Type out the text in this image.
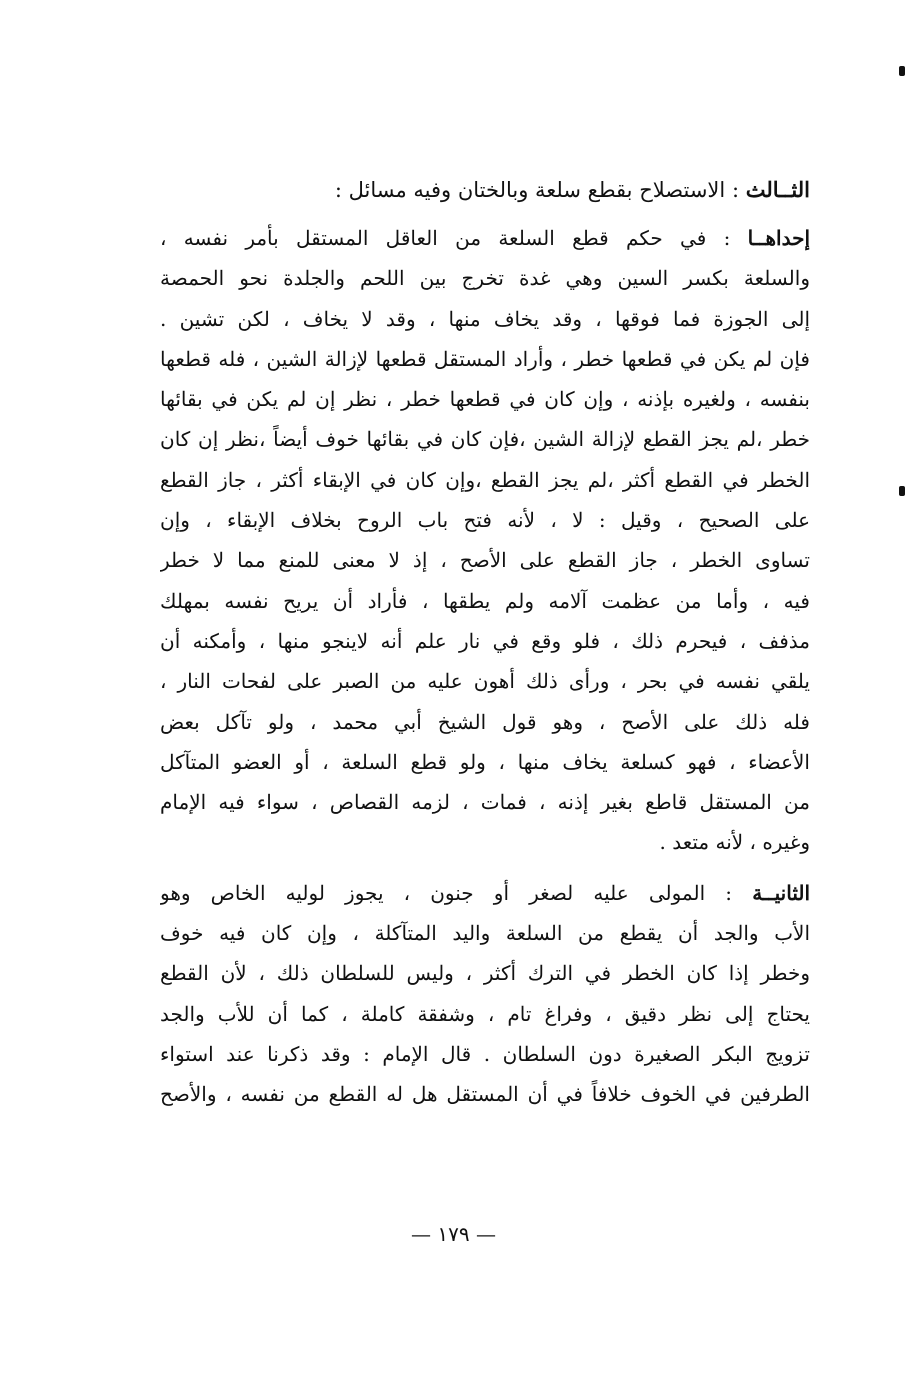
الثــالث : الاستصلاح بقطع سلعة وبالختان وفيه مسائل :
إحداهــا : في حكم قطع السلعة من العاقل المستقل بأمر نفسه ،
والسلعة بكسر السين وهي غدة تخرج بين اللحم والجلدة نحو الحمصة
إلى الجوزة فما فوقها ، وقد يخاف منها ، وقد لا يخاف ، لكن تشين .
فإن لم يكن في قطعها خطر ، وأراد المستقل قطعها لإزالة الشين ، فله قطعها
بنفسه ، ولغيره بإذنه ، وإن كان في قطعها خطر ، نظر إن لم يكن في بقائها
خطر ،لم يجز القطع لإزالة الشين ،فإن كان في بقائها خوف أيضاً ،نظر إن كان
الخطر في القطع أكثر ،لم يجز القطع ،وإن كان في الإبقاء أكثر ، جاز القطع
على الصحيح ، وقيل : لا ، لأنه فتح باب الروح بخلاف الإبقاء ، وإن
تساوى الخطر ، جاز القطع على الأصح ، إذ لا معنى للمنع مما لا خطر
فيه ، وأما من عظمت آلامه ولم يطقها ، فأراد أن يريح نفسه بمهلك
مذفف ، فيحرم ذلك ، فلو وقع في نار علم أنه لاينجو منها ، وأمكنه أن
يلقي نفسه في بحر ، ورأى ذلك أهون عليه من الصبر على لفحات النار ،
فله ذلك على الأصح ، وهو قول الشيخ أبي محمد ، ولو تآكل بعض
الأعضاء ، فهو كسلعة يخاف منها ، ولو قطع السلعة ، أو العضو المتآكل
من المستقل قاطع بغير إذنه ، فمات ، لزمه القصاص ، سواء فيه الإمام
وغيره ، لأنه متعد .
الثانيــة : المولى عليه لصغر أو جنون ، يجوز لوليه الخاص وهو
الأب والجد أن يقطع من السلعة واليد المتآكلة ، وإن كان فيه خوف
وخطر إذا كان الخطر في الترك أكثر ، وليس للسلطان ذلك ، لأن القطع
يحتاج إلى نظر دقيق ، وفراغ تام ، وشفقة كاملة ، كما أن للأب والجد
تزويج البكر الصغيرة دون السلطان . قال الإمام : وقد ذكرنا عند استواء
الطرفين في الخوف خلافاً في أن المستقل هل له القطع من نفسه ، والأصح
— ١٧٩ —
